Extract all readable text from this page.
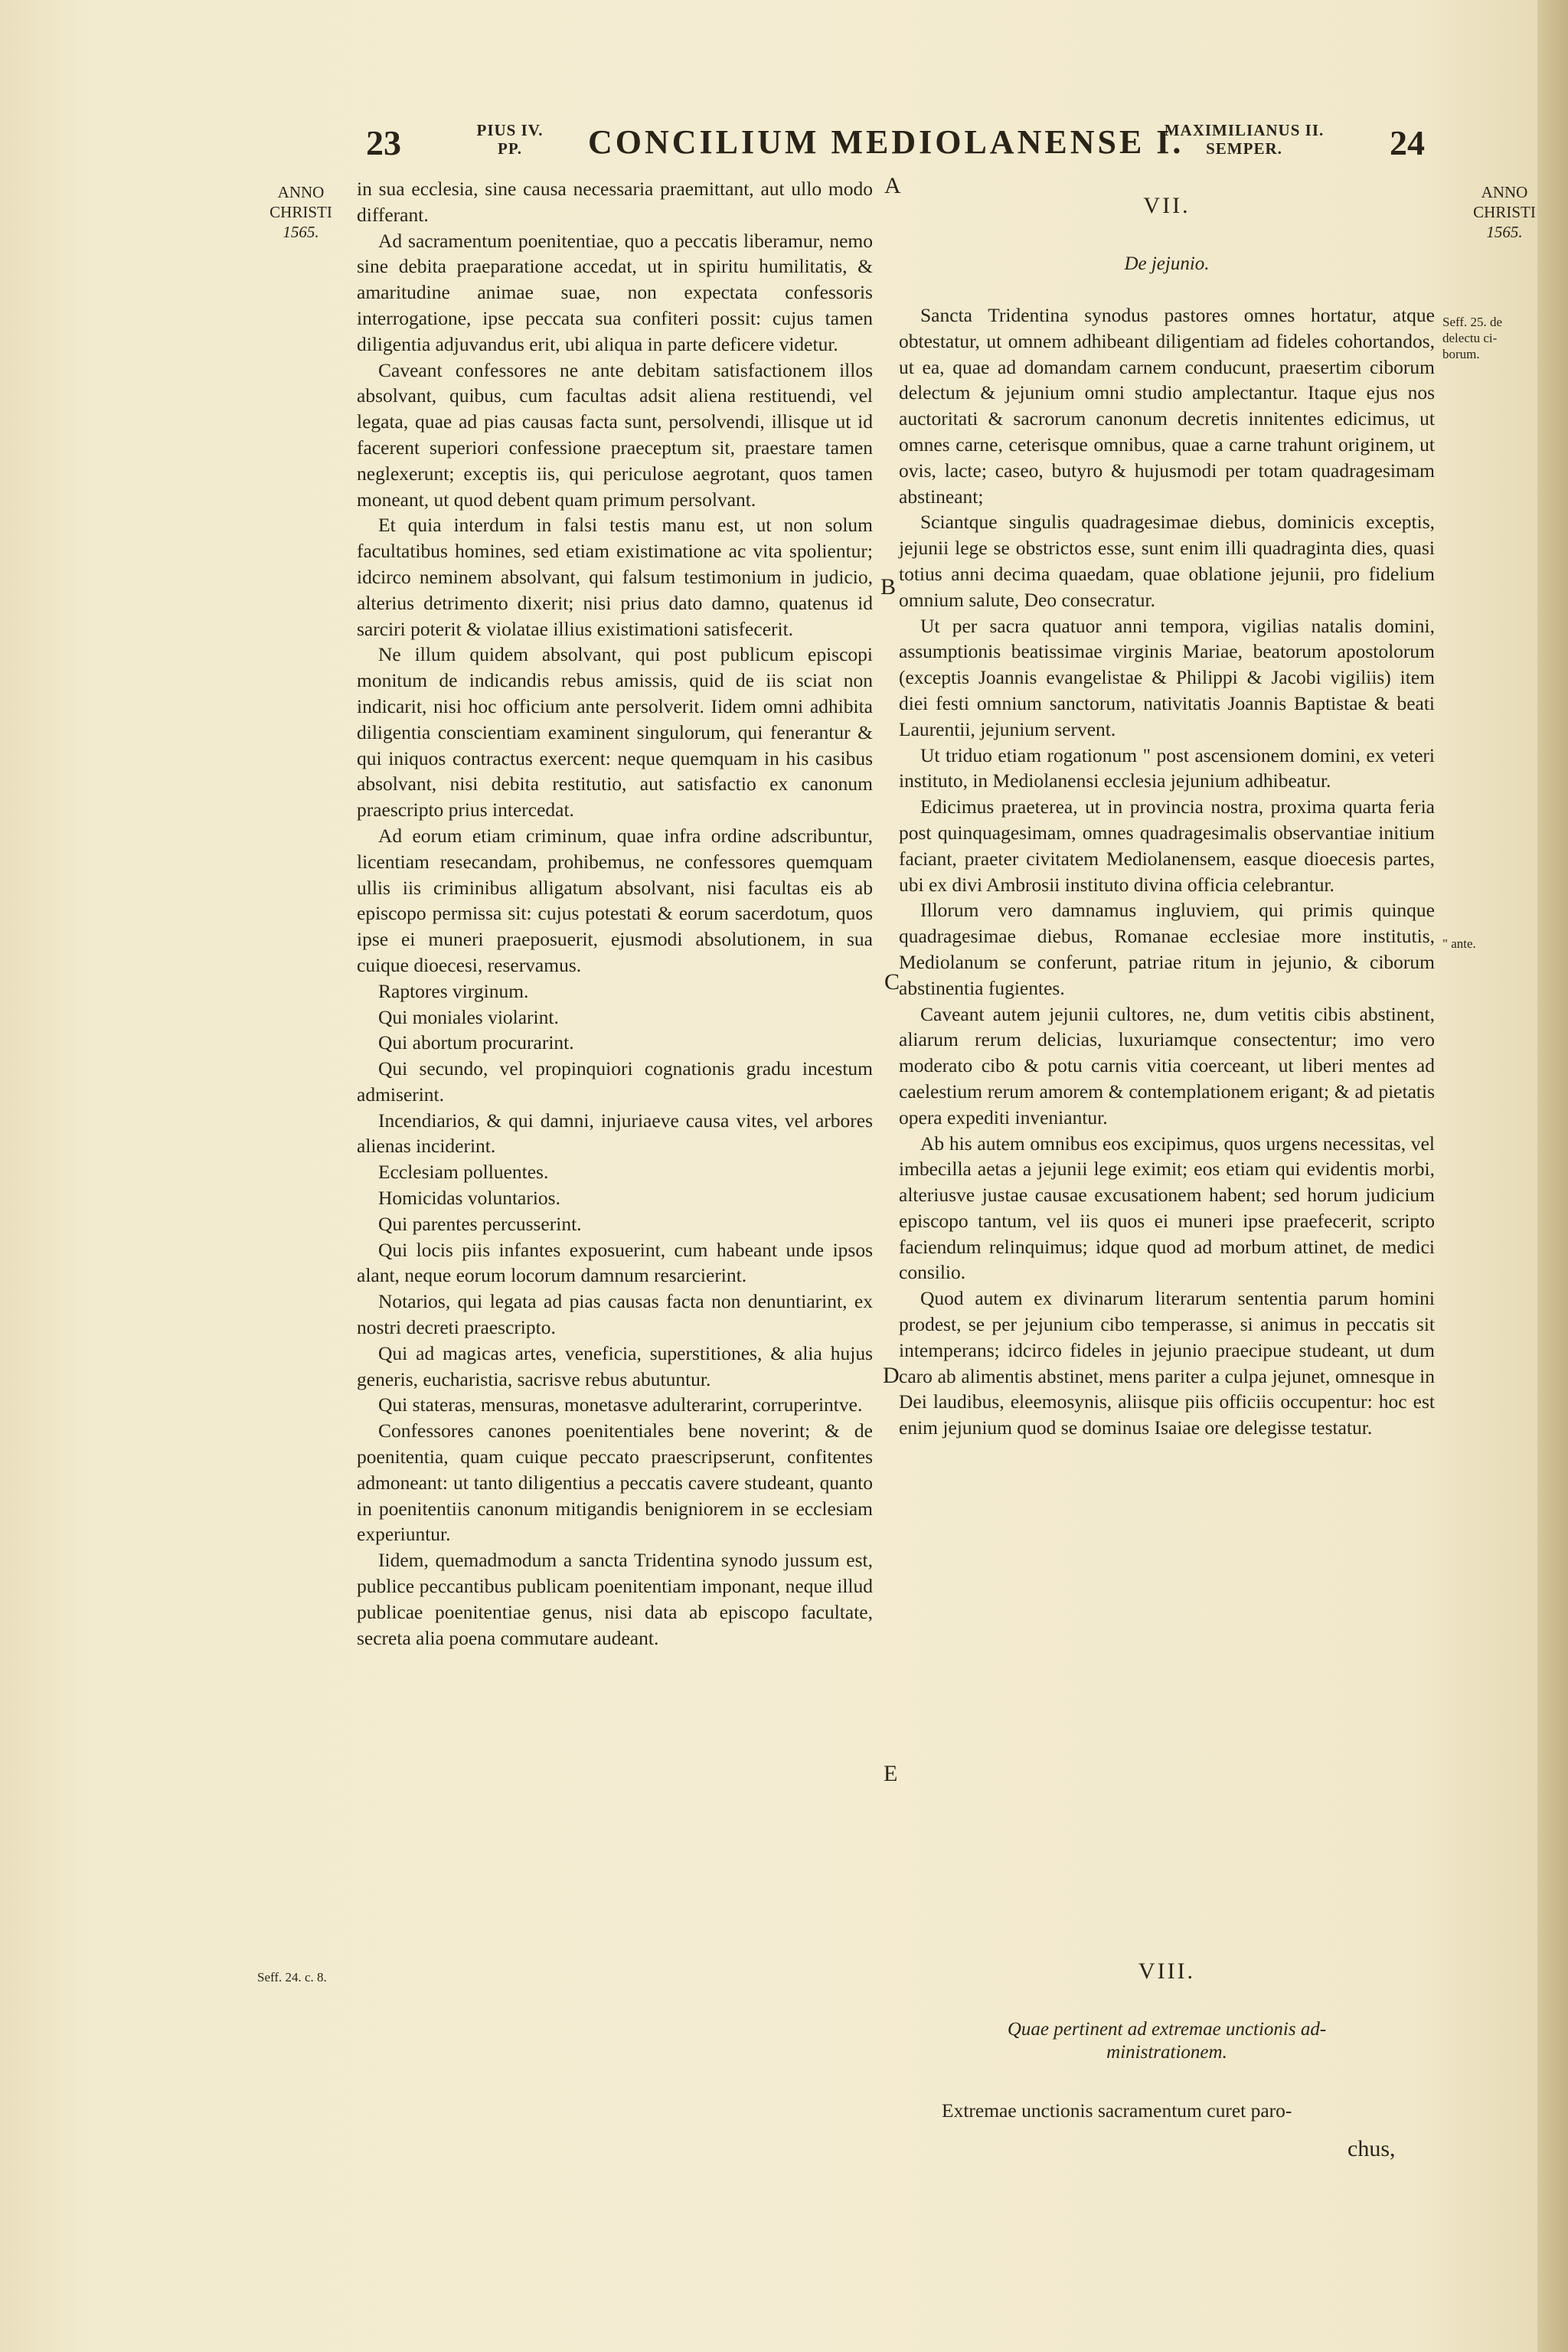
23	PIUS IV.
PP.	CONCILIUM MEDIOLANENSE I.
MAXIMILIANUS II.
SEMPER.	24
ANNO
CHRISTI
1565.
Seff. 24. c. 8.
ANNO
CHRISTI
1565.
Seff. 25. de
delectu ci-
borum.
" ante.
A
B
C
D
E

in sua ecclesia, sine causa necessaria praemittant, aut ullo modo differant.

Ad sacramentum poenitentiae, quo a peccatis liberamur, nemo sine debita praeparatione accedat, ut in spiritu humilitatis, & amaritudine animae suae, non expectata confessoris interrogatione, ipse peccata sua confiteri possit: cujus tamen diligentia adjuvandus erit, ubi aliqua in parte deficere videtur.

Caveant confessores ne ante debitam satisfactionem illos absolvant, quibus, cum facultas adsit aliena restituendi, vel legata, quae ad pias causas facta sunt, persolvendi, illisque ut id facerent superiori confessione praeceptum sit, praestare tamen neglexerunt; exceptis iis, qui periculose aegrotant, quos tamen moneant, ut quod debent quam primum persolvant.

Et quia interdum in falsi testis manu est, ut non solum facultatibus homines, sed etiam existimatione ac vita spolientur; idcirco neminem absolvant, qui falsum testimonium in judicio, alterius detrimento dixerit; nisi prius dato damno, quatenus id sarciri poterit & violatae illius existimationi satisfecerit.

Ne illum quidem absolvant, qui post publicum episcopi monitum de indicandis rebus amissis, quid de iis sciat non indicarit, nisi hoc officium ante persolverit. Iidem omni adhibita diligentia conscientiam examinent singulorum, qui fenerantur & qui iniquos contractus exercent: neque quemquam in his casibus absolvant, nisi debita restitutio, aut satisfactio ex canonum praescripto prius intercedat.

Ad eorum etiam criminum, quae infra ordine adscribuntur, licentiam resecandam, prohibemus, ne confessores quemquam ullis iis criminibus alligatum absolvant, nisi facultas eis ab episcopo permissa sit: cujus potestati & eorum sacerdotum, quos ipse ei muneri praeposuerit, ejusmodi absolutionem, in sua cuique dioecesi, reservamus.

Raptores virginum.

Qui moniales violarint.

Qui abortum procurarint.

Qui secundo, vel propinquiori cognationis gradu incestum admiserint.

Incendiarios, & qui damni, injuriaeve causa vites, vel arbores alienas inciderint.

Ecclesiam polluentes.

Homicidas voluntarios.

Qui parentes percusserint.

Qui locis piis infantes exposuerint, cum habeant unde ipsos alant, neque eorum locorum damnum resarcierint.

Notarios, qui legata ad pias causas facta non denuntiarint, ex nostri decreti praescripto.

Qui ad magicas artes, veneficia, superstitiones, & alia hujus generis, eucharistia, sacrisve rebus abutuntur.

Qui stateras, mensuras, monetasve adulterarint, corruperintve.

Confessores canones poenitentiales bene noverint; & de poenitentia, quam cuique peccato praescripserunt, confitentes admoneant: ut tanto diligentius a peccatis cavere studeant, quanto in poenitentiis canonum mitigandis benigniorem in se ecclesiam experiuntur.

Iidem, quemadmodum a sancta Tridentina synodo jussum est, publice peccantibus publicam poenitentiam imponant, neque illud publicae poenitentiae genus, nisi data ab episcopo facultate, secreta alia poena commutare audeant.

VII.
De jejunio.

Sancta Tridentina synodus pastores omnes hortatur, atque obtestatur, ut omnem adhibeant diligentiam ad fideles cohortandos, ut ea, quae ad domandam carnem conducunt, praesertim ciborum delectum & jejunium omni studio amplectantur. Itaque ejus nos auctoritati & sacrorum canonum decretis innitentes edicimus, ut omnes carne, ceterisque omnibus, quae a carne trahunt originem, ut ovis, lacte; caseo, butyro & hujusmodi per totam quadragesimam abstineant;

Sciantque singulis quadragesimae diebus, dominicis exceptis, jejunii lege se obstrictos esse, sunt enim illi quadraginta dies, quasi totius anni decima quaedam, quae oblatione jejunii, pro fidelium omnium salute, Deo consecratur.

Ut per sacra quatuor anni tempora, vigilias natalis domini, assumptionis beatissimae virginis Mariae, beatorum apostolorum (exceptis Joannis evangelistae & Philippi & Jacobi vigiliis) item diei festi omnium sanctorum, nativitatis Joannis Baptistae & beati Laurentii, jejunium servent.

Ut triduo etiam rogationum " post ascensionem domini, ex veteri instituto, in Mediolanensi ecclesia jejunium adhibeatur.

Edicimus praeterea, ut in provincia nostra, proxima quarta feria post quinquagesimam, omnes quadragesimalis observantiae initium faciant, praeter civitatem Mediolanensem, easque dioecesis partes, ubi ex divi Ambrosii instituto divina officia celebrantur.

Illorum vero damnamus ingluviem, qui primis quinque quadragesimae diebus, Romanae ecclesiae more institutis, Mediolanum se conferunt, patriae ritum in jejunio, & ciborum abstinentia fugientes.

Caveant autem jejunii cultores, ne, dum vetitis cibis abstinent, aliarum rerum delicias, luxuriamque consectentur; imo vero moderato cibo & potu carnis vitia coerceant, ut liberi mentes ad caelestium rerum amorem & contemplationem erigant; & ad pietatis opera expediti inveniantur.

Ab his autem omnibus eos excipimus, quos urgens necessitas, vel imbecilla aetas a jejunii lege eximit; eos etiam qui evidentis morbi, alteriusve justae causae excusationem habent; sed horum judicium episcopo tantum, vel iis quos ei muneri ipse praefecerit, scripto faciendum relinquimus; idque quod ad morbum attinet, de medici consilio.

Quod autem ex divinarum literarum sententia parum homini prodest, se per jejunium cibo temperasse, si animus in peccatis sit intemperans; idcirco fideles in jejunio praecipue studeant, ut dum caro ab alimentis abstinet, mens pariter a culpa jejunet, omnesque in Dei laudibus, eleemosynis, aliisque piis officiis occupentur: hoc est enim jejunium quod se dominus Isaiae ore delegisse testatur.

VIII.
Quae pertinent ad extremae unctionis ad-
ministrationem.
Extremae unctionis sacramentum curet paro-
chus,
